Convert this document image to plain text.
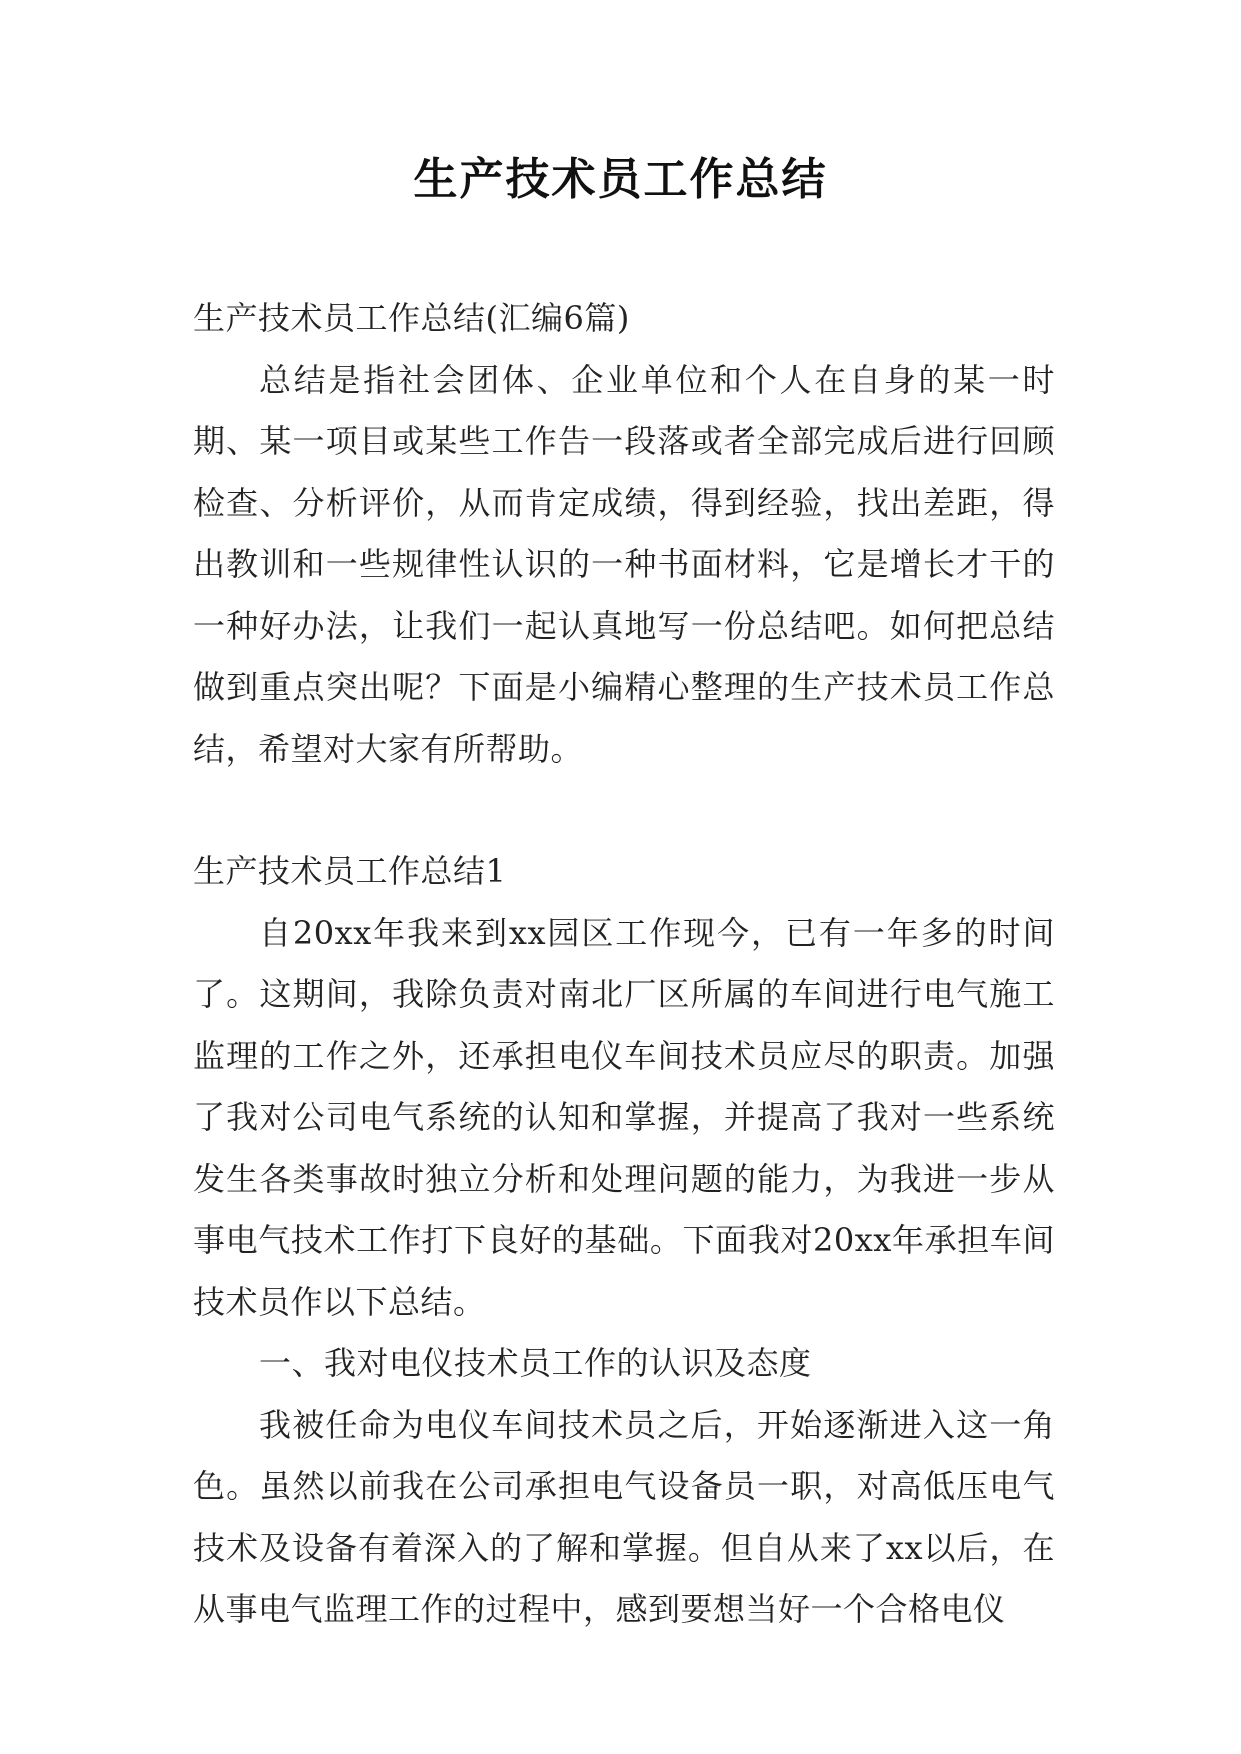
生产技术员工作总结

生产技术员工作总结(汇编6篇)

总结是指社会团体、企业单位和个人在自身的某一时期、某一项目或某些工作告一段落或者全部完成后进行回顾检查、分析评价，从而肯定成绩，得到经验，找出差距，得出教训和一些规律性认识的一种书面材料，它是增长才干的一种好办法，让我们一起认真地写一份总结吧。如何把总结做到重点突出呢？下面是小编精心整理的生产技术员工作总结，希望对大家有所帮助。

生产技术员工作总结1

自20xx年我来到xx园区工作现今，已有一年多的时间了。这期间，我除负责对南北厂区所属的车间进行电气施工监理的工作之外，还承担电仪车间技术员应尽的职责。加强了我对公司电气系统的认知和掌握，并提高了我对一些系统发生各类事故时独立分析和处理问题的能力，为我进一步从事电气技术工作打下良好的基础。下面我对20xx年承担车间技术员作以下总结。

一、我对电仪技术员工作的认识及态度

我被任命为电仪车间技术员之后，开始逐渐进入这一角色。虽然以前我在公司承担电气设备员一职，对高低压电气技术及设备有着深入的了解和掌握。但自从来了xx以后，在从事电气监理工作的过程中，感到要想当好一个合格电仪
